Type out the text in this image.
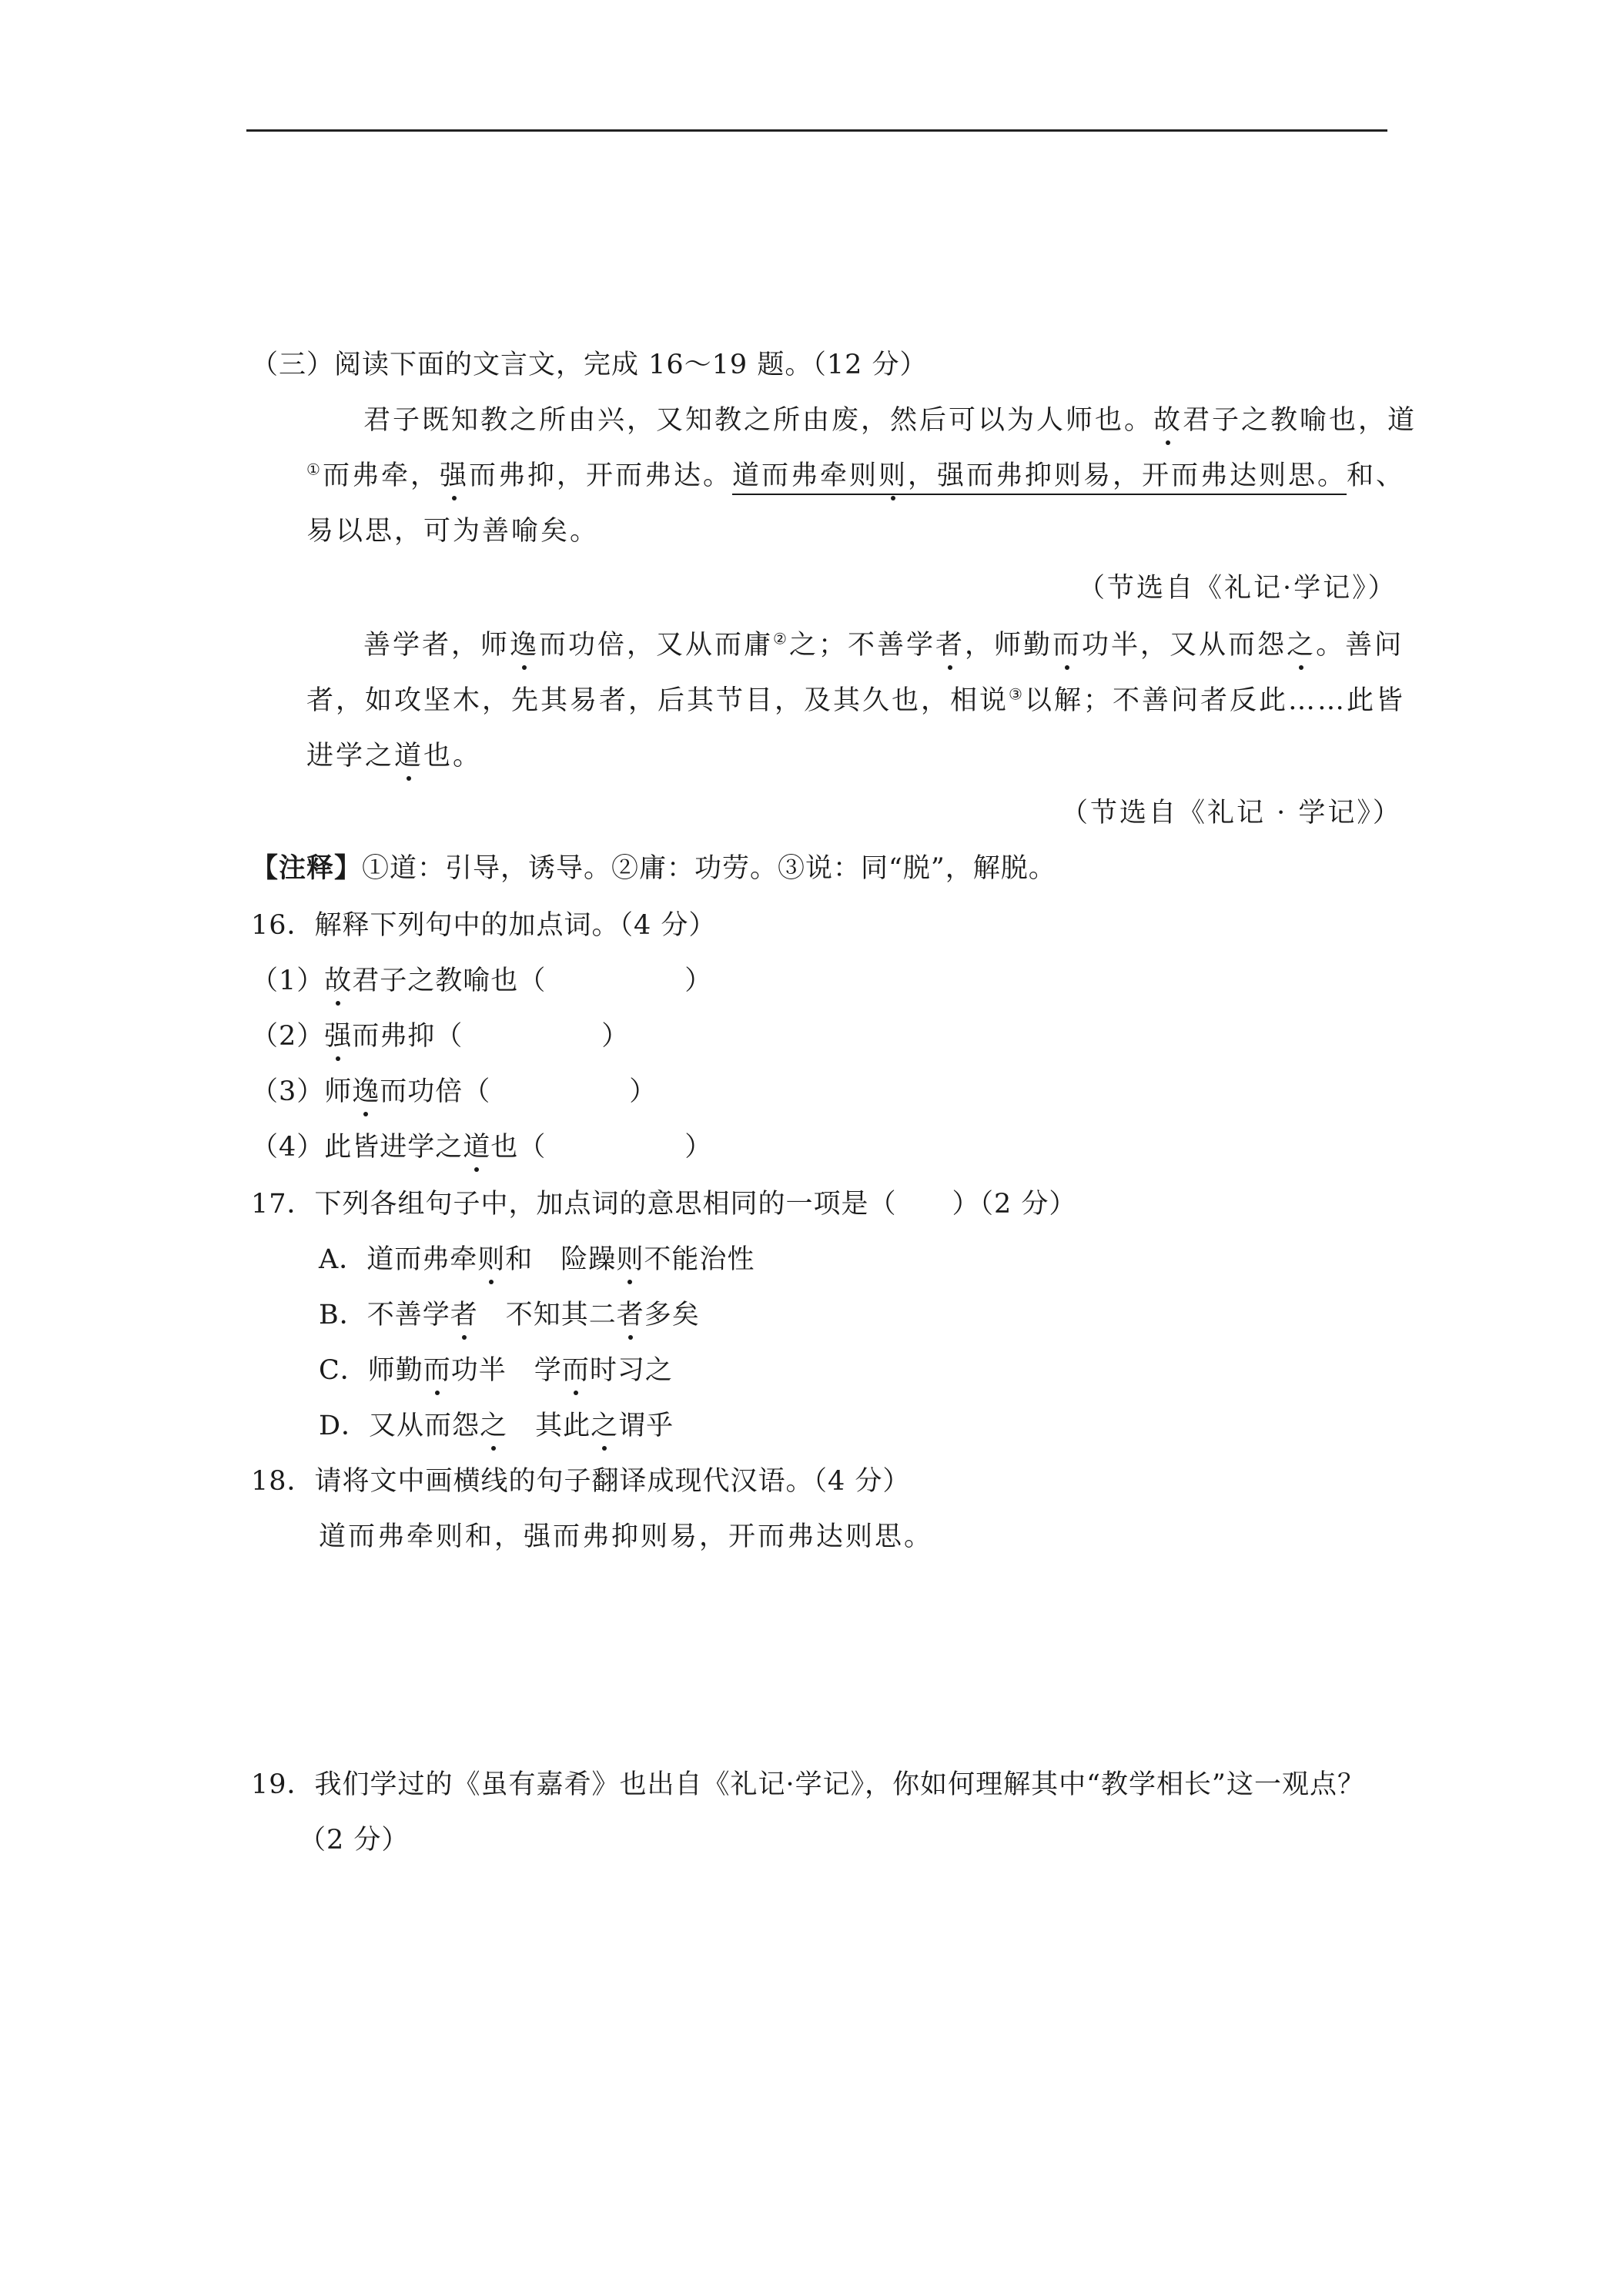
（三）阅读下面的文言文，完成 16～19 题。（12 分）
君子既知教之所由兴，又知教之所由废，然后可以为人师也。故君子之教喻也，道
①而弗牵，强而弗抑，开而弗达。道而弗牵则则，强而弗抑则易，开而弗达则思。和、
易以思，可为善喻矣。
（节选自《礼记·学记》）
善学者，师逸而功倍，又从而庸②之；不善学者，师勤而功半，又从而怨之。善问
者，如攻坚木，先其易者，后其节目，及其久也，相说③以解；不善问者反此……此皆
进学之道也。
（节选自《礼记 · 学记》）
【注释】①道：引导，诱导。②庸：功劳。③说：同“脱”，解脱。
16．解释下列句中的加点词。（4 分）
（1）故君子之教喻也（　　　　　）
（2）强而弗抑（　　　　　）
（3）师逸而功倍（　　　　　）
（4）此皆进学之道也（　　　　　）
17．下列各组句子中，加点词的意思相同的一项是（　　）（2 分）
A．道而弗牵则和　险躁则不能治性
B．不善学者　不知其二者多矣
C．师勤而功半　学而时习之
D．又从而怨之　其此之谓乎
18．请将文中画横线的句子翻译成现代汉语。（4 分）
道而弗牵则和，强而弗抑则易，开而弗达则思。
19．我们学过的《虽有嘉肴》也出自《礼记·学记》，你如何理解其中“教学相长”这一观点？
（2 分）
